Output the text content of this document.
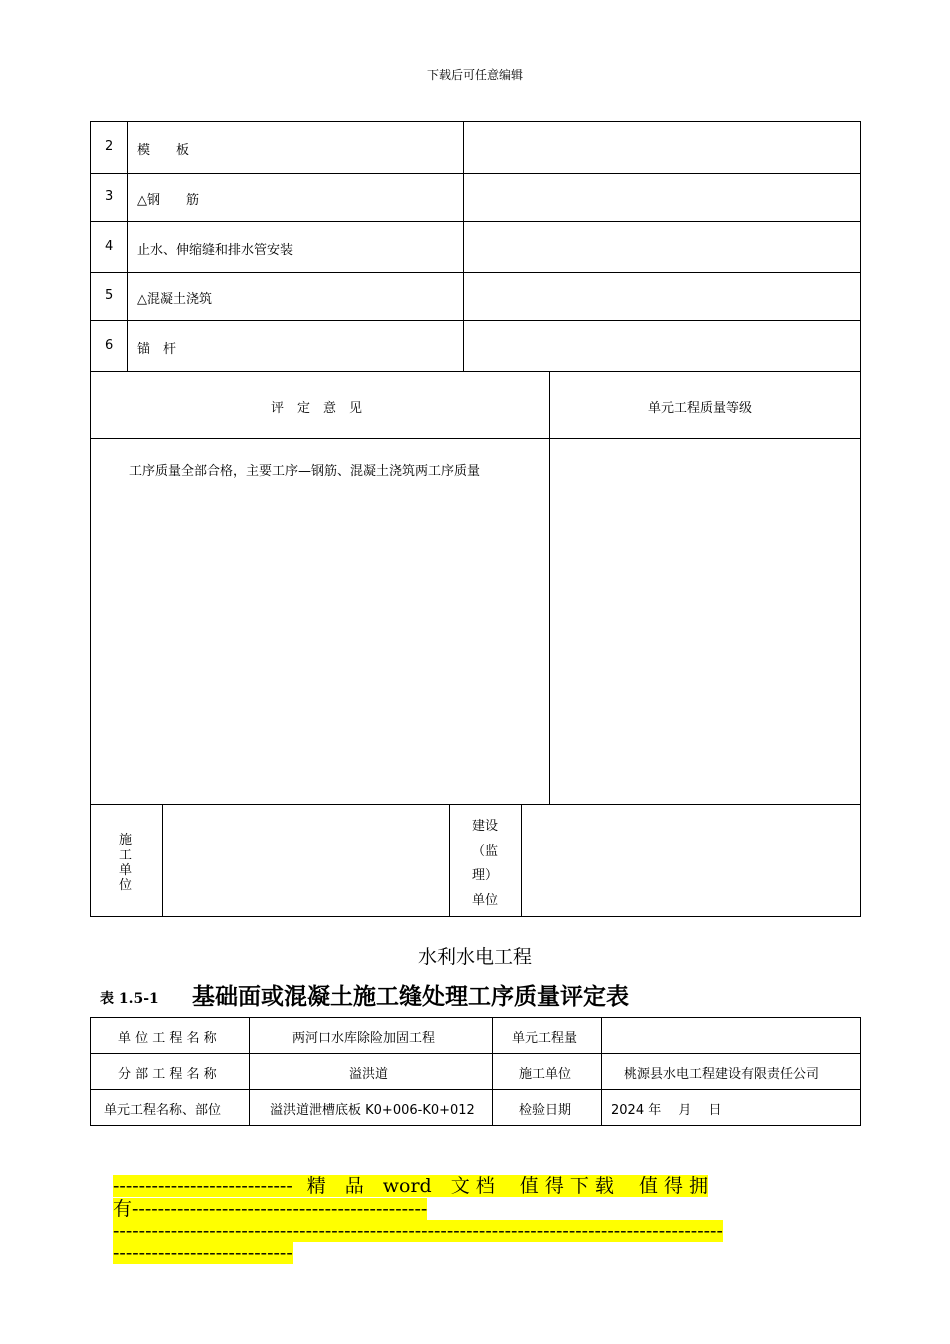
下载后可任意编辑
2 模　　板
3 △钢　　筋
4 止水、伸缩缝和排水管安装
5 △混凝土浇筑
6 锚　杆
评　定　意　见	单元工程质量等级
工序质量全部合格，主要工序—钢筋、混凝土浇筑两工序质量
施
工
单
位
建设
（监
理）
单位
水利水电工程
表 1.5-1 基础面或混凝土施工缝处理工序质量评定表
单 位 工 程 名 称	两河口水库除险加固工程	单元工程量
分 部 工 程 名 称	溢洪道	施工单位	桃源县水电工程建设有限责任公司
单元工程名称、部位	溢洪道泄槽底板 K0+006-K0+012	检验日期	2024 年　 月　 日
---------------------------- 精　品　word　文 档　 值 得 下 载　 值 得 拥
有----------------------------------------------
-----------------------------------------------------------------------------------------------
----------------------------
